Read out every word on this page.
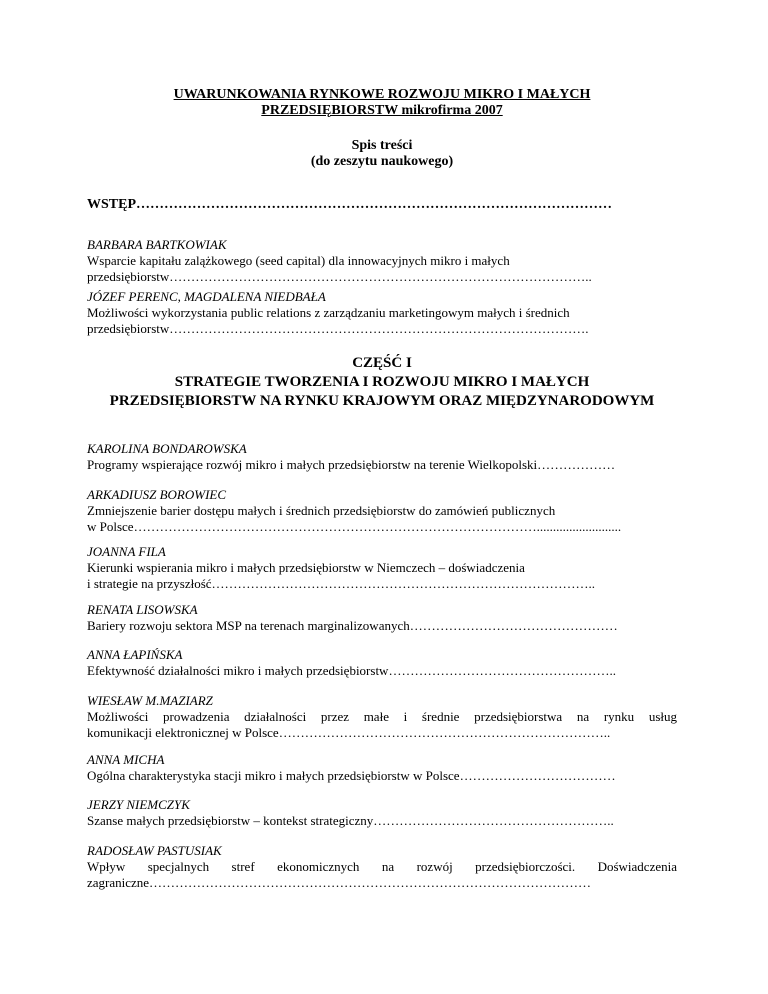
UWARUNKOWANIA RYNKOWE ROZWOJU MIKRO I MAŁYCH
PRZEDSIĘBIORSTW mikrofirma 2007
Spis treści
(do zeszytu naukowego)
WSTĘP…………………………………………………………………………………………
BARBARA BARTKOWIAK
Wsparcie kapitału zalążkowego (seed capital) dla innowacyjnych mikro i małych
przedsiębiorstw……………………………………………………………………………………..
JÓZEF PERENC, MAGDALENA NIEDBAŁA
Możliwości wykorzystania public relations z zarządzaniu marketingowym małych i średnich
przedsiębiorstw…………………………………………………………………………………….
CZĘŚĆ I
STRATEGIE TWORZENIA I ROZWOJU MIKRO I MAŁYCH
PRZEDSIĘBIORSTW NA RYNKU KRAJOWYM ORAZ MIĘDZYNARODOWYM
KAROLINA BONDAROWSKA
Programy wspierające rozwój mikro i małych przedsiębiorstw na terenie Wielkopolski………………
ARKADIUSZ BOROWIEC
Zmniejszenie barier dostępu małych i średnich przedsiębiorstw do zamówień publicznych
w Polsce…………………………………………………………………………………..........................
JOANNA FILA
Kierunki wspierania mikro i małych przedsiębiorstw w Niemczech – doświadczenia
i strategie na przyszłość……………………………………………………………………………..
RENATA LISOWSKA
Bariery rozwoju sektora MSP na terenach marginalizowanych…………………………………………
ANNA ŁAPIŃSKA
Efektywność działalności mikro i małych przedsiębiorstw……………………………………………..
WIESŁAW M.MAZIARZ
Możliwości prowadzenia działalności przez małe i średnie przedsiębiorstwa na rynku usług
komunikacji elektronicznej w Polsce…………………………………………………………………..
ANNA MICHA
Ogólna charakterystyka stacji mikro i małych przedsiębiorstw w Polsce………………………………
JERZY NIEMCZYK
Szanse małych przedsiębiorstw – kontekst strategiczny………………………………………………..
RADOSŁAW PASTUSIAK
Wpływ specjalnych stref ekonomicznych na rozwój przedsiębiorczości. Doświadczenia
zagraniczne…………………………………………………………………………………………
